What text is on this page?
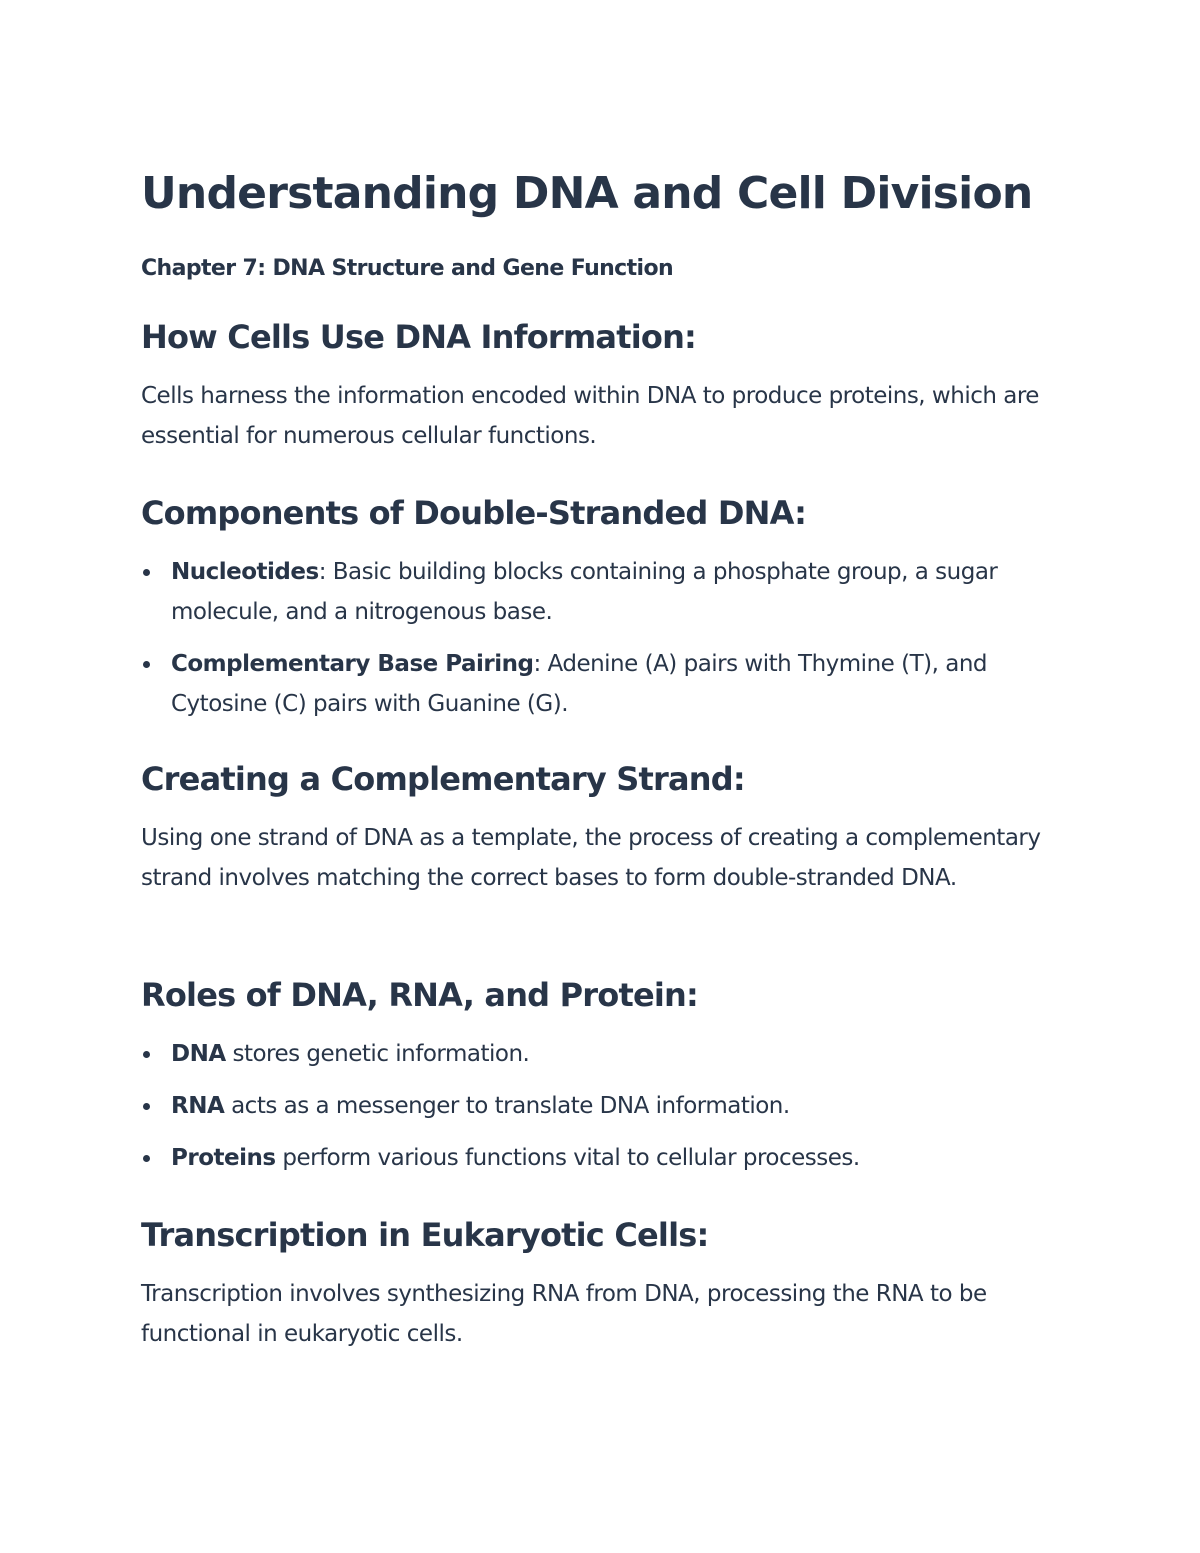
Understanding DNA and Cell Division
Chapter 7: DNA Structure and Gene Function
How Cells Use DNA Information:

Cells harness the information encoded within DNA to produce proteins, which are essential for numerous cellular functions.

Components of Double-Stranded DNA:
Nucleotides: Basic building blocks containing a phosphate group, a sugar molecule, and a nitrogenous base.
Complementary Base Pairing: Adenine (A) pairs with Thymine (T), and Cytosine (C) pairs with Guanine (G).
Creating a Complementary Strand:

Using one strand of DNA as a template, the process of creating a complementary strand involves matching the correct bases to form double-stranded DNA.

Roles of DNA, RNA, and Protein:
DNA stores genetic information.
RNA acts as a messenger to translate DNA information.
Proteins perform various functions vital to cellular processes.
Transcription in Eukaryotic Cells:

Transcription involves synthesizing RNA from DNA, processing the RNA to be functional in eukaryotic cells.
